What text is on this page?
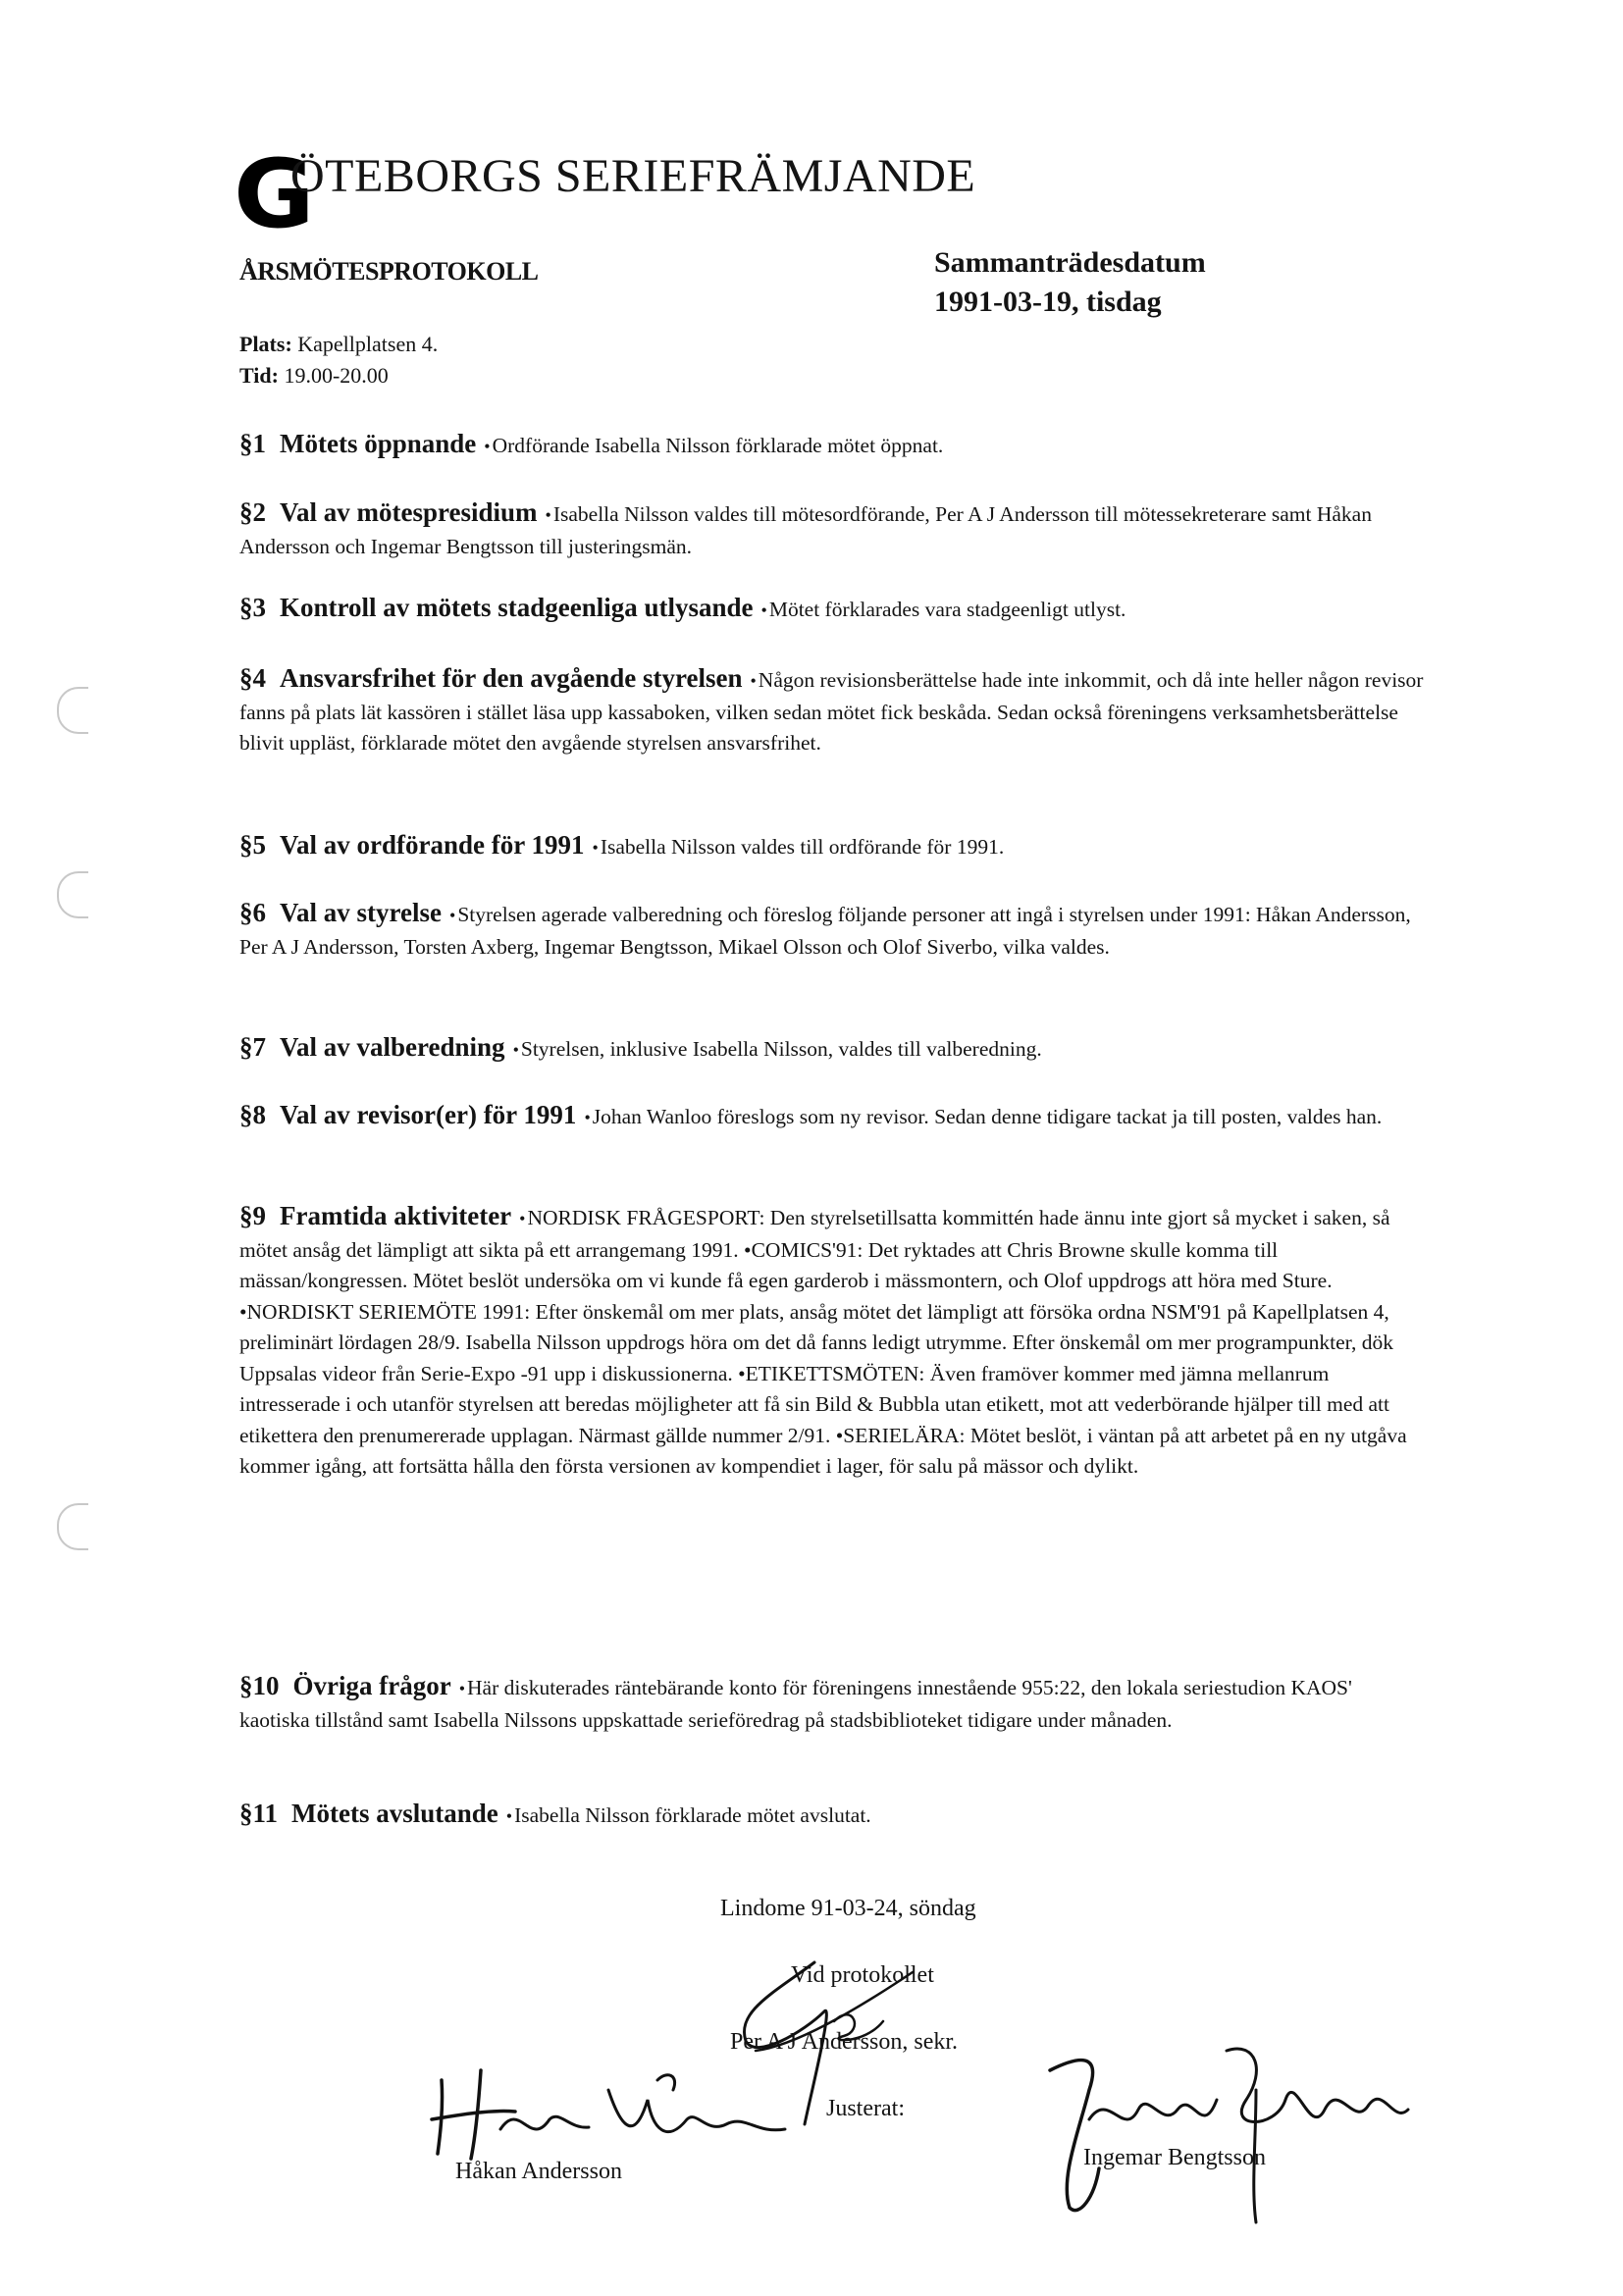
G
ÖTEBORGS SERIEFRÄMJANDE
ÅRSMÖTESPROTOKOLL	Sammanträdesdatum
1991-03-19, tisdag
Plats: Kapellplatsen 4.
Tid: 19.00-20.00
§1 Mötets öppnande •Ordförande Isabella Nilsson förklarade mötet öppnat.
§2 Val av mötespresidium •Isabella Nilsson valdes till mötesordförande, Per A J Andersson till mötessekreterare samt Håkan Andersson och Ingemar Bengtsson till justeringsmän.
§3 Kontroll av mötets stadgeenliga utlysande •Mötet förklarades vara stadgeenligt utlyst.
§4 Ansvarsfrihet för den avgående styrelsen •Någon revisionsberättelse hade inte inkommit, och då inte heller någon revisor fanns på plats lät kassören i stället läsa upp kassaboken, vilken sedan mötet fick beskåda. Sedan också föreningens verksamhetsberättelse blivit uppläst, förklarade mötet den avgående styrelsen ansvarsfrihet.
§5 Val av ordförande för 1991 •Isabella Nilsson valdes till ordförande för 1991.
§6 Val av styrelse •Styrelsen agerade valberedning och föreslog följande personer att ingå i styrelsen under 1991: Håkan Andersson, Per A J Andersson, Torsten Axberg, Ingemar Bengtsson, Mikael Olsson och Olof Siverbo, vilka valdes.
§7 Val av valberedning •Styrelsen, inklusive Isabella Nilsson, valdes till valberedning.
§8 Val av revisor(er) för 1991 •Johan Wanloo föreslogs som ny revisor. Sedan denne tidigare tackat ja till posten, valdes han.
§9 Framtida aktiviteter •NORDISK FRÅGESPORT: Den styrelsetillsatta kommittén hade ännu inte gjort så mycket i saken, så mötet ansåg det lämpligt att sikta på ett arrangemang 1991. •COMICS'91: Det ryktades att Chris Browne skulle komma till mässan/kongressen. Mötet beslöt undersöka om vi kunde få egen garderob i mässmontern, och Olof uppdrogs att höra med Sture. •NORDISKT SERIEMÖTE 1991: Efter önskemål om mer plats, ansåg mötet det lämpligt att försöka ordna NSM'91 på Kapellplatsen 4, preliminärt lördagen 28/9. Isabella Nilsson uppdrogs höra om det då fanns ledigt utrymme. Efter önskemål om mer programpunkter, dök Uppsalas videor från Serie-Expo -91 upp i diskussionerna. •ETIKETTSMÖTEN: Även framöver kommer med jämna mellanrum intresserade i och utanför styrelsen att beredas möjligheter att få sin Bild & Bubbla utan etikett, mot att vederbörande hjälper till med att etikettera den prenumererade upplagan. Närmast gällde nummer 2/91. •SERIELÄRA: Mötet beslöt, i väntan på att arbetet på en ny utgåva kommer igång, att fortsätta hålla den första versionen av kompendiet i lager, för salu på mässor och dylikt.
§10 Övriga frågor •Här diskuterades räntebärande konto för föreningens innestående 955:22, den lokala seriestudion KAOS' kaotiska tillstånd samt Isabella Nilssons uppskattade serieföredrag på stadsbiblioteket tidigare under månaden.
§11 Mötets avslutande •Isabella Nilsson förklarade mötet avslutat.
Lindome 91-03-24, söndag
Vid protokollet
Per A J Andersson, sekr.
Justerat:
Håkan Andersson
Ingemar Bengtsson
